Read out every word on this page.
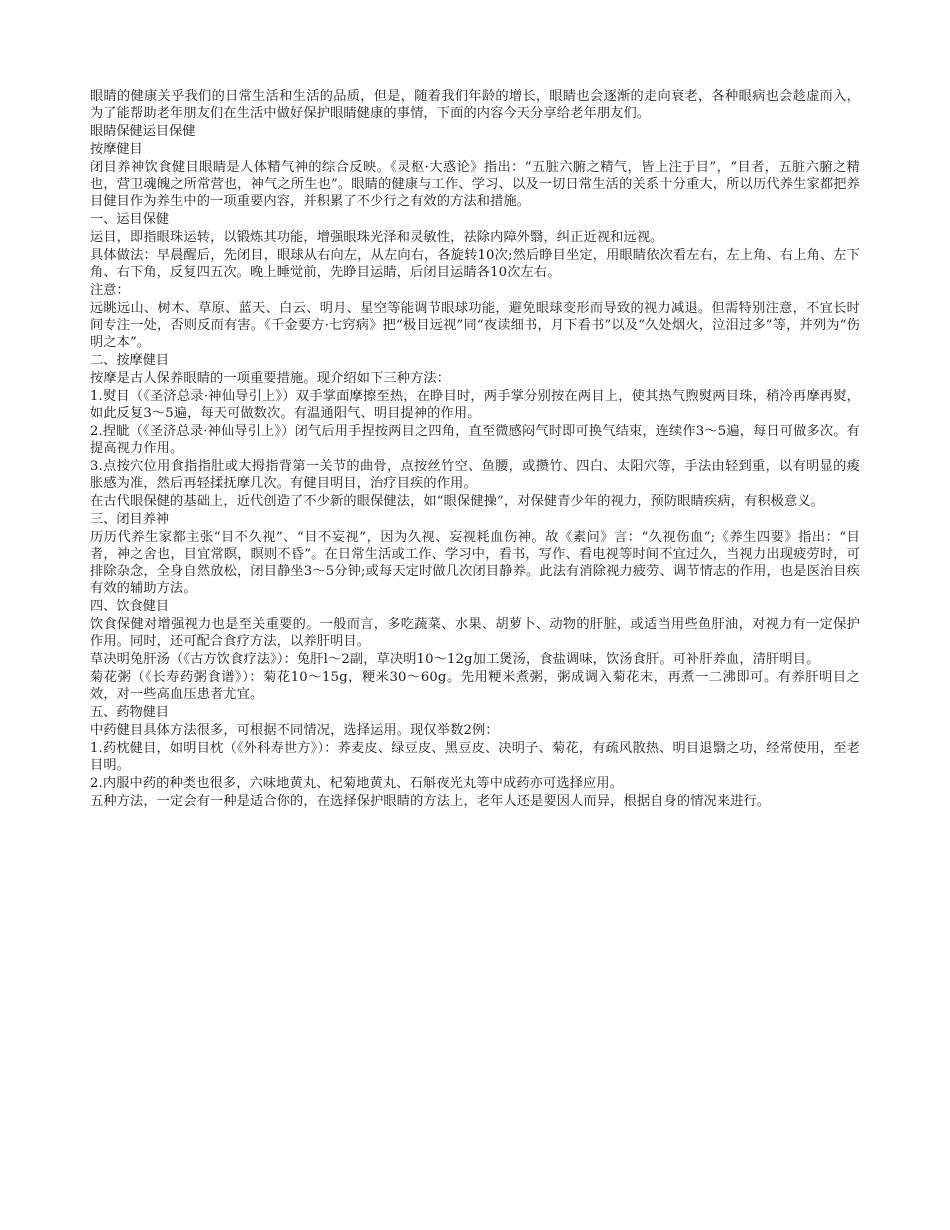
眼睛的健康关乎我们的日常生活和生活的品质，但是，随着我们年龄的增长，眼睛也会逐渐的走向衰老，各种眼病也会趁虚而入，为了能帮助老年朋友们在生活中做好保护眼睛健康的事情，下面的内容今天分享给老年朋友们。

眼睛保健运目保健

按摩健目

闭目养神饮食健目眼睛是人体精气神的综合反映。《灵枢·大惑论》指出：“五脏六腑之精气，皆上注于目”，“目者，五脏六腑之精也，营卫魂魄之所常营也，神气之所生也”。眼睛的健康与工作、学习、以及一切日常生活的关系十分重大，所以历代养生家都把养目健目作为养生中的一项重要内容，并积累了不少行之有效的方法和措施。

一、运目保健

运目，即指眼珠运转，以锻炼其功能，增强眼珠光泽和灵敏性，祛除内障外翳，纠正近视和远视。

具体做法：早晨醒后，先闭目，眼球从右向左，从左向右，各旋转10次;然后睁目坐定，用眼睛依次看左右，左上角、右上角、左下角、右下角，反复四五次。晚上睡觉前，先睁目运睛，后闭目运睛各10次左右。

注意：

远眺远山、树木、草原、蓝天、白云、明月、星空等能调节眼球功能，避免眼球变形而导致的视力减退。但需特别注意，不宜长时间专注一处，否则反而有害。《千金要方·七窍病》把“极目远视”同“夜读细书，月下看书”以及“久处烟火，泣泪过多”等，并列为“伤明之本”。

二、按摩健目

按摩是古人保养眼睛的一项重要措施。现介绍如下三种方法：

1.熨目（《圣济总录·神仙导引上》）双手掌面摩擦至热，在睁目时，两手掌分别按在两目上，使其热气煦熨两目珠，稍冷再摩再熨，如此反复3～5遍，每天可做数次。有温通阳气、明目提神的作用。

2.捏眦（《圣济总录·神仙导引上》）闭气后用手捏按两目之四角，直至微感闷气时即可换气结束，连续作3～5遍，每日可做多次。有提高视力作用。

3.点按穴位用食指指肚或大拇指背第一关节的曲骨，点按丝竹空、鱼腰，或攒竹、四白、太阳穴等，手法由轻到重，以有明显的痠胀感为准，然后再轻揉抚摩几次。有健目明目，治疗目疾的作用。

在古代眼保健的基础上，近代创造了不少新的眼保健法，如“眼保健操”，对保健青少年的视力，预防眼睛疾病，有积极意义。

三、闭目养神

历历代养生家都主张“目不久视”、“目不妄视”，因为久视、妄视耗血伤神。故《素问》言：“久视伤血”;《养生四要》指出：“目者，神之舍也，目宜常瞑，瞑则不昏”。在日常生活或工作、学习中，看书，写作、看电视等时间不宜过久，当视力出现疲劳时，可排除杂念，全身自然放松，闭目静坐3～5分钟;或每天定时做几次闭目静养。此法有消除视力疲劳、调节情志的作用，也是医治目疾有效的辅助方法。

四、饮食健目

饮食保健对增强视力也是至关重要的。一般而言，多吃蔬菜、水果、胡萝卜、动物的肝脏，或适当用些鱼肝油，对视力有一定保护作用。同时，还可配合食疗方法，以养肝明目。

草决明兔肝汤（《古方饮食疗法》）：兔肝l～2副，草决明10～12g加工煲汤，食盐调味，饮汤食肝。可补肝养血，清肝明目。

菊花粥（《长寿药粥食谱》）：菊花10～15g，粳米30～60g。先用粳米煮粥，粥成调入菊花末，再煮一二沸即可。有养肝明目之效，对一些高血压患者尤宜。

五、药物健目

中药健目具体方法很多，可根据不同情况，选择运用。现仅举数2例：

1.药枕健目，如明目枕（《外科寿世方》）：荞麦皮、绿豆皮、黑豆皮、决明子、菊花，有疏风散热、明目退翳之功，经常使用，至老目明。

2.内服中药的种类也很多，六味地黄丸、杞菊地黄丸、石斛夜光丸等中成药亦可选择应用。

五种方法，一定会有一种是适合你的，在选择保护眼睛的方法上，老年人还是要因人而异，根据自身的情况来进行。
